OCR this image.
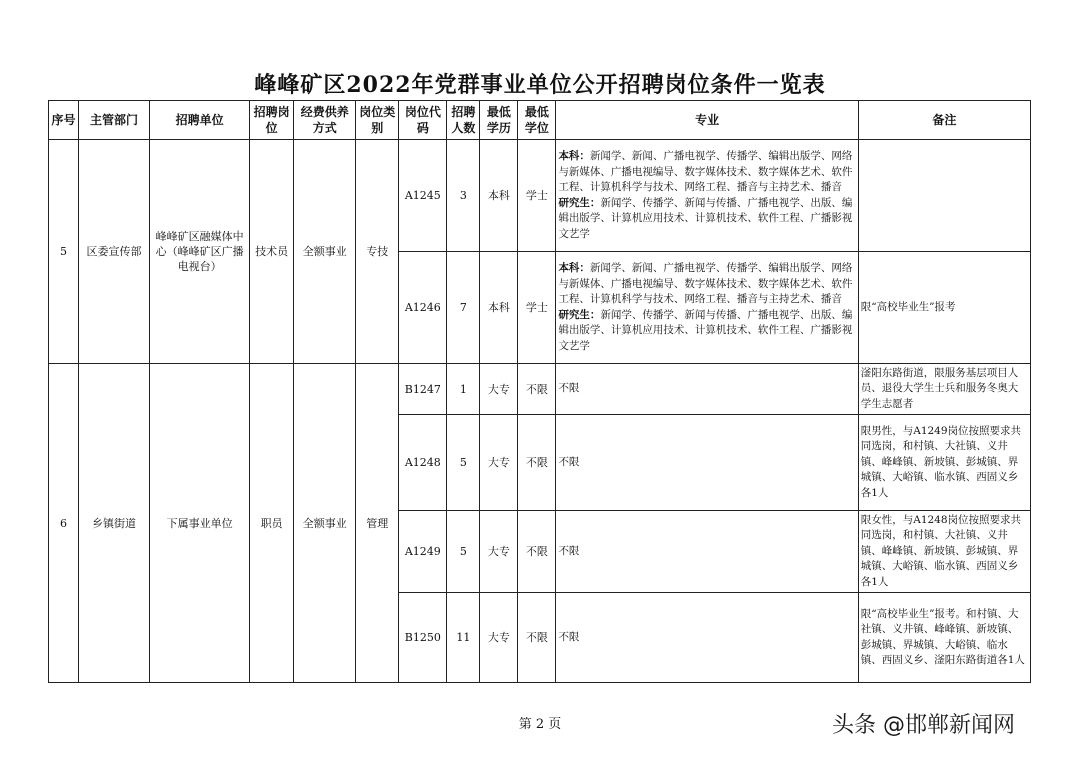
峰峰矿区2022年党群事业单位公开招聘岗位条件一览表
序号	主管部门	招聘单位	招聘岗位	经费供养方式	岗位类别	岗位代码	招聘人数	最低学历	最低学位	专业	备注
5	区委宣传部	峰峰矿区融媒体中心（峰峰矿区广播电视台）	技术员	全额事业	专技	A1245	3	本科	学士	本科：新闻学、新闻、广播电视学、传播学、编辑出版学、网络与新媒体、广播电视编导、数字媒体技术、数字媒体艺术、软件工程、计算机科学与技术、网络工程、播音与主持艺术、播音
研究生：新闻学、传播学、新闻与传播、广播电视学、出版、编辑出版学、计算机应用技术、计算机技术、软件工程、广播影视文艺学	
						A1246	7	本科	学士	本科：新闻学、新闻、广播电视学、传播学、编辑出版学、网络与新媒体、广播电视编导、数字媒体技术、数字媒体艺术、软件工程、计算机科学与技术、网络工程、播音与主持艺术、播音
研究生：新闻学、传播学、新闻与传播、广播电视学、出版、编辑出版学、计算机应用技术、计算机技术、软件工程、广播影视文艺学	限“高校毕业生”报考
6	乡镇街道	下属事业单位	职员	全额事业	管理	B1247	1	大专	不限	不限	滏阳东路街道，限服务基层项目人员、退役大学生士兵和服务冬奥大学生志愿者
						A1248	5	大专	不限	不限	限男性，与A1249岗位按照要求共同选岗，和村镇、大社镇、义井镇、峰峰镇、新坡镇、彭城镇、界城镇、大峪镇、临水镇、西固义乡各1人
						A1249	5	大专	不限	不限	限女性，与A1248岗位按照要求共同选岗，和村镇、大社镇、义井镇、峰峰镇、新坡镇、彭城镇、界城镇、大峪镇、临水镇、西固义乡各1人
						B1250	11	大专	不限	不限	限“高校毕业生”报考。和村镇、大社镇、义井镇、峰峰镇、新坡镇、彭城镇、界城镇、大峪镇、临水镇、西固义乡、滏阳东路街道各1人
第 2 页	头条 @邯郸新闻网
